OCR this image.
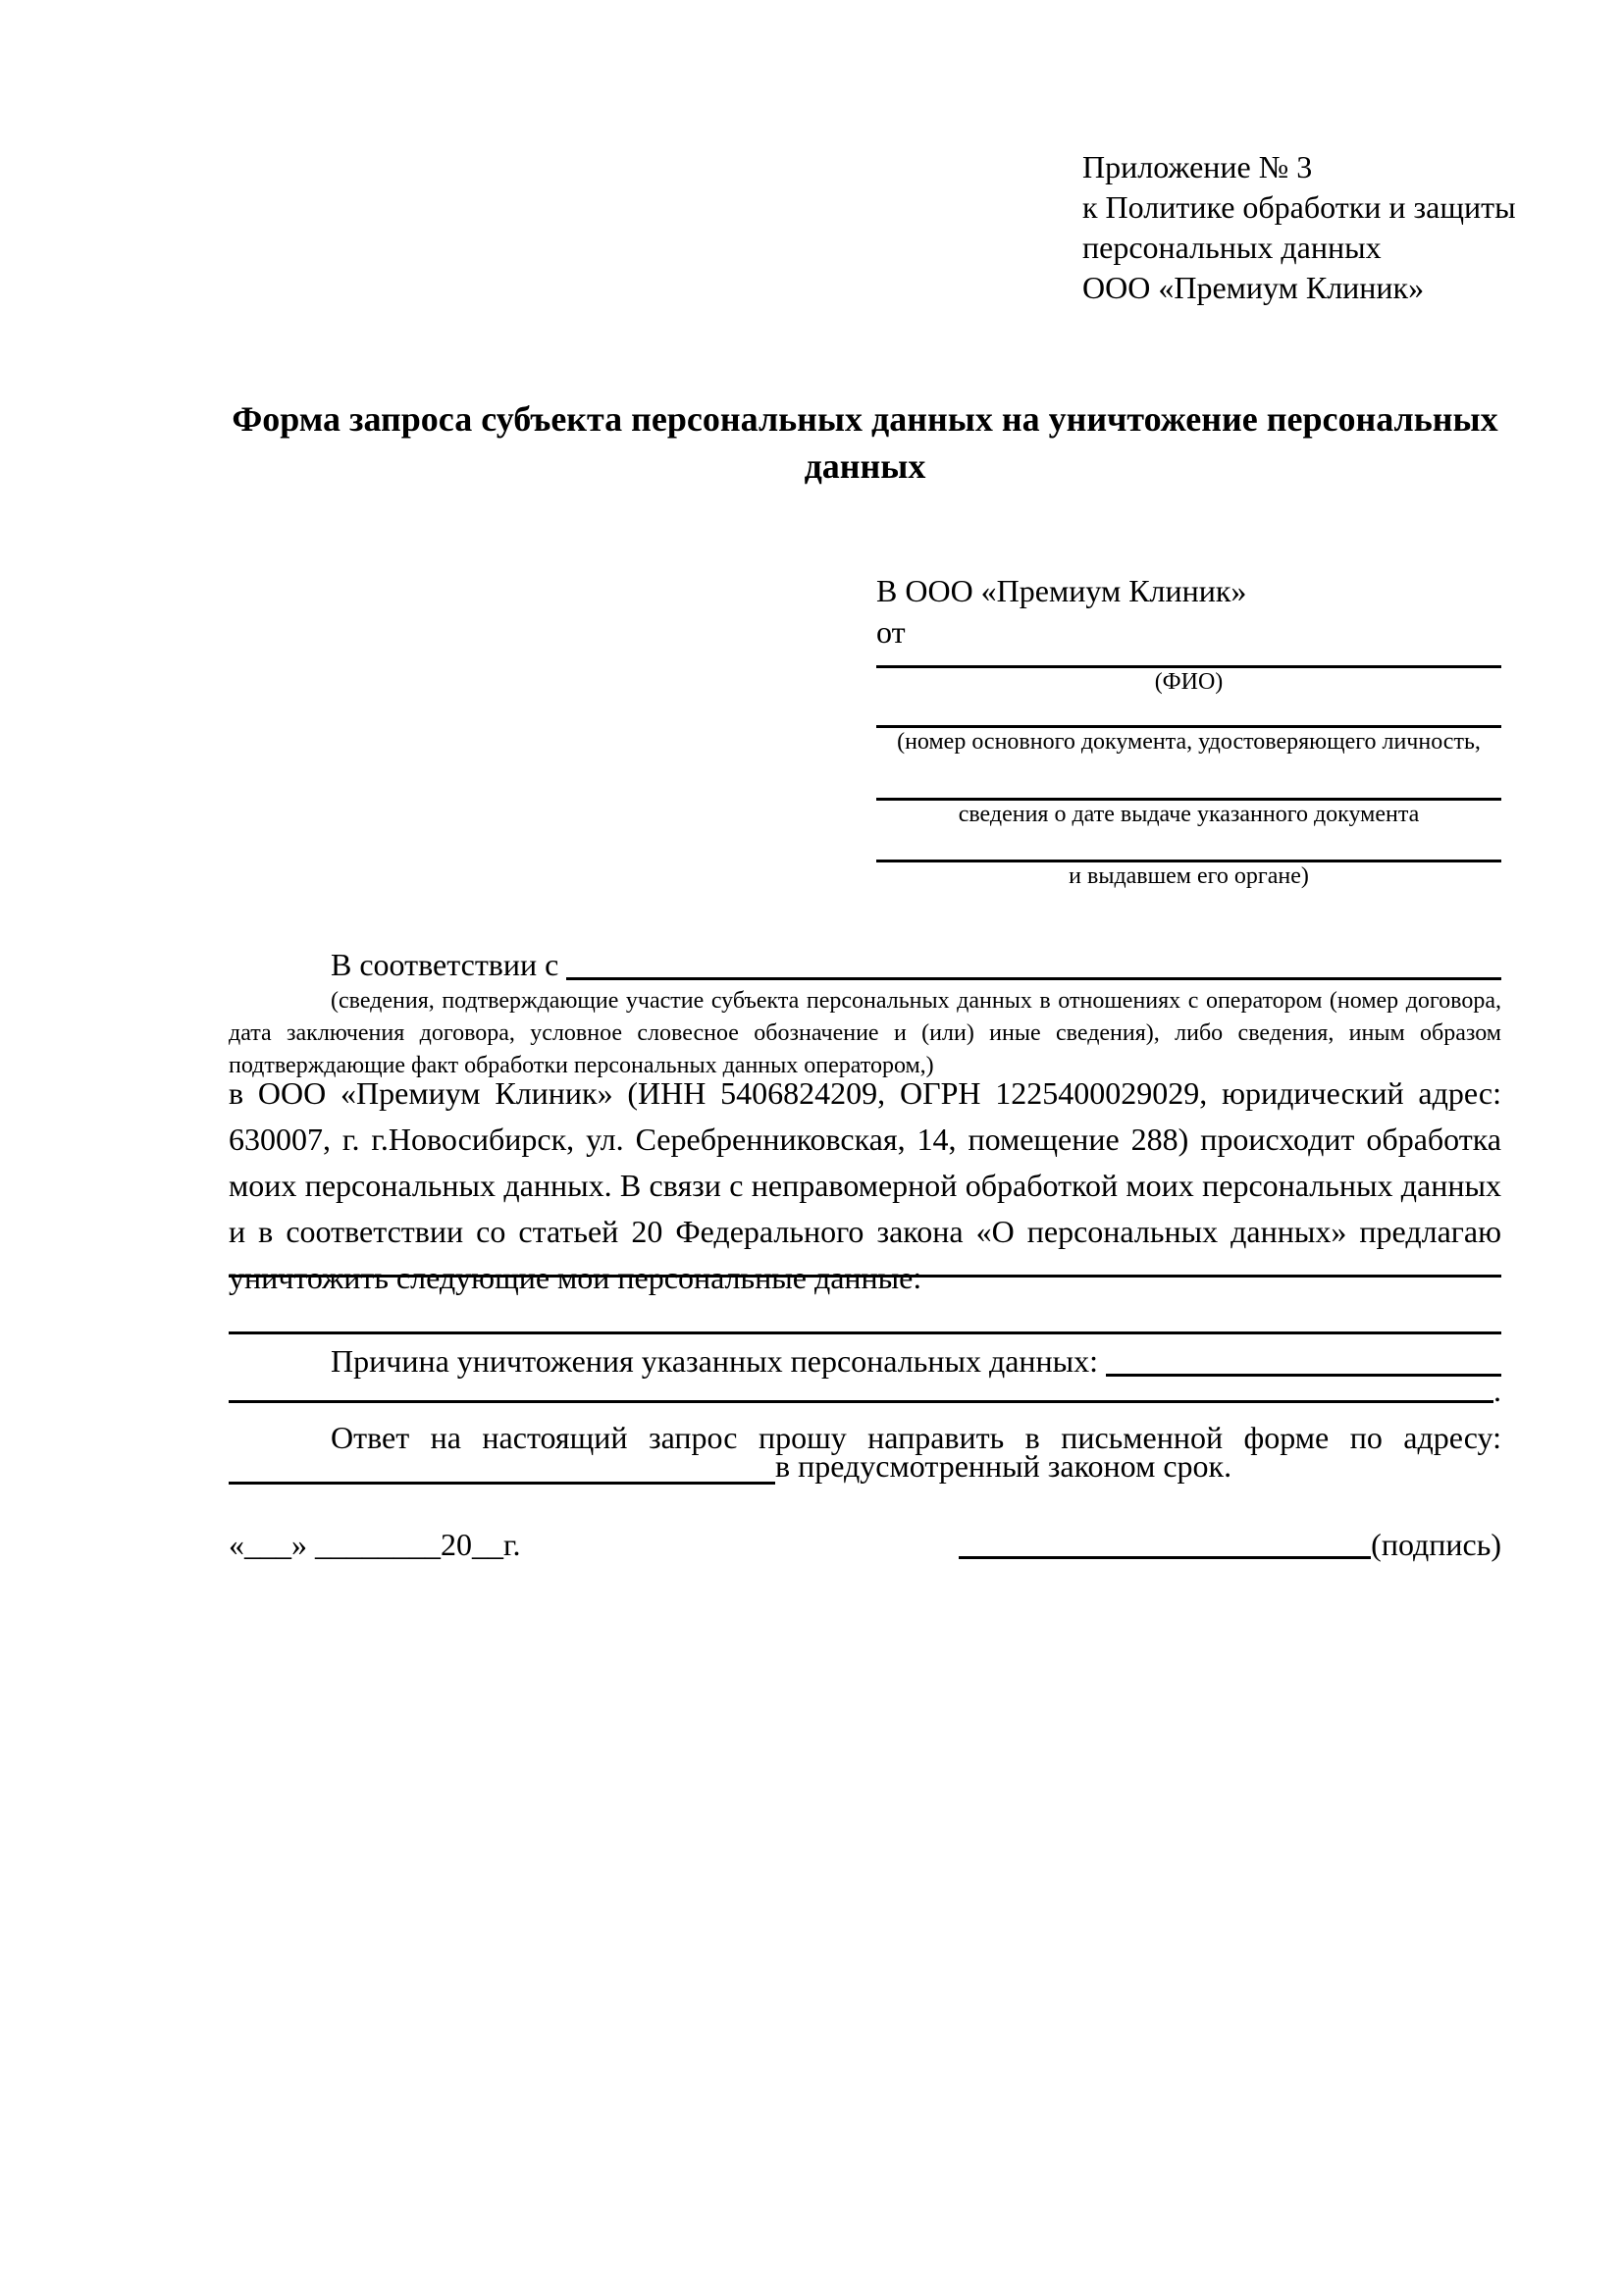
Приложение № 3
к Политике обработки и защиты
персональных данных
ООО «Премиум Клиник»
Форма запроса субъекта персональных данных на уничтожение персональных данных
В ООО «Премиум Клиник»
от
(ФИО)
(номер основного документа, удостоверяющего личность,
сведения о дате выдаче указанного документа
и выдавшем его органе)
В соответствии с
(сведения, подтверждающие участие субъекта персональных данных в отношениях с оператором (номер договора, дата заключения договора, условное словесное обозначение и (или) иные сведения), либо сведения, иным образом подтверждающие факт обработки персональных данных оператором,)
в ООО «Премиум Клиник» (ИНН 5406824209, ОГРН 1225400029029, юридический адрес: 630007, г. г.Новосибирск, ул. Серебренниковская, 14, помещение 288) происходит обработка моих персональных данных. В связи с неправомерной обработкой моих персональных данных и в соответствии со статьей 20 Федерального закона «О персональных данных» предлагаю уничтожить следующие мои персональные данные:
Причина уничтожения указанных персональных данных:
.
Ответ на настоящий запрос прошу направить в письменной форме по адресу:
в предусмотренный законом срок.
«___» ________20__г.	(подпись)
